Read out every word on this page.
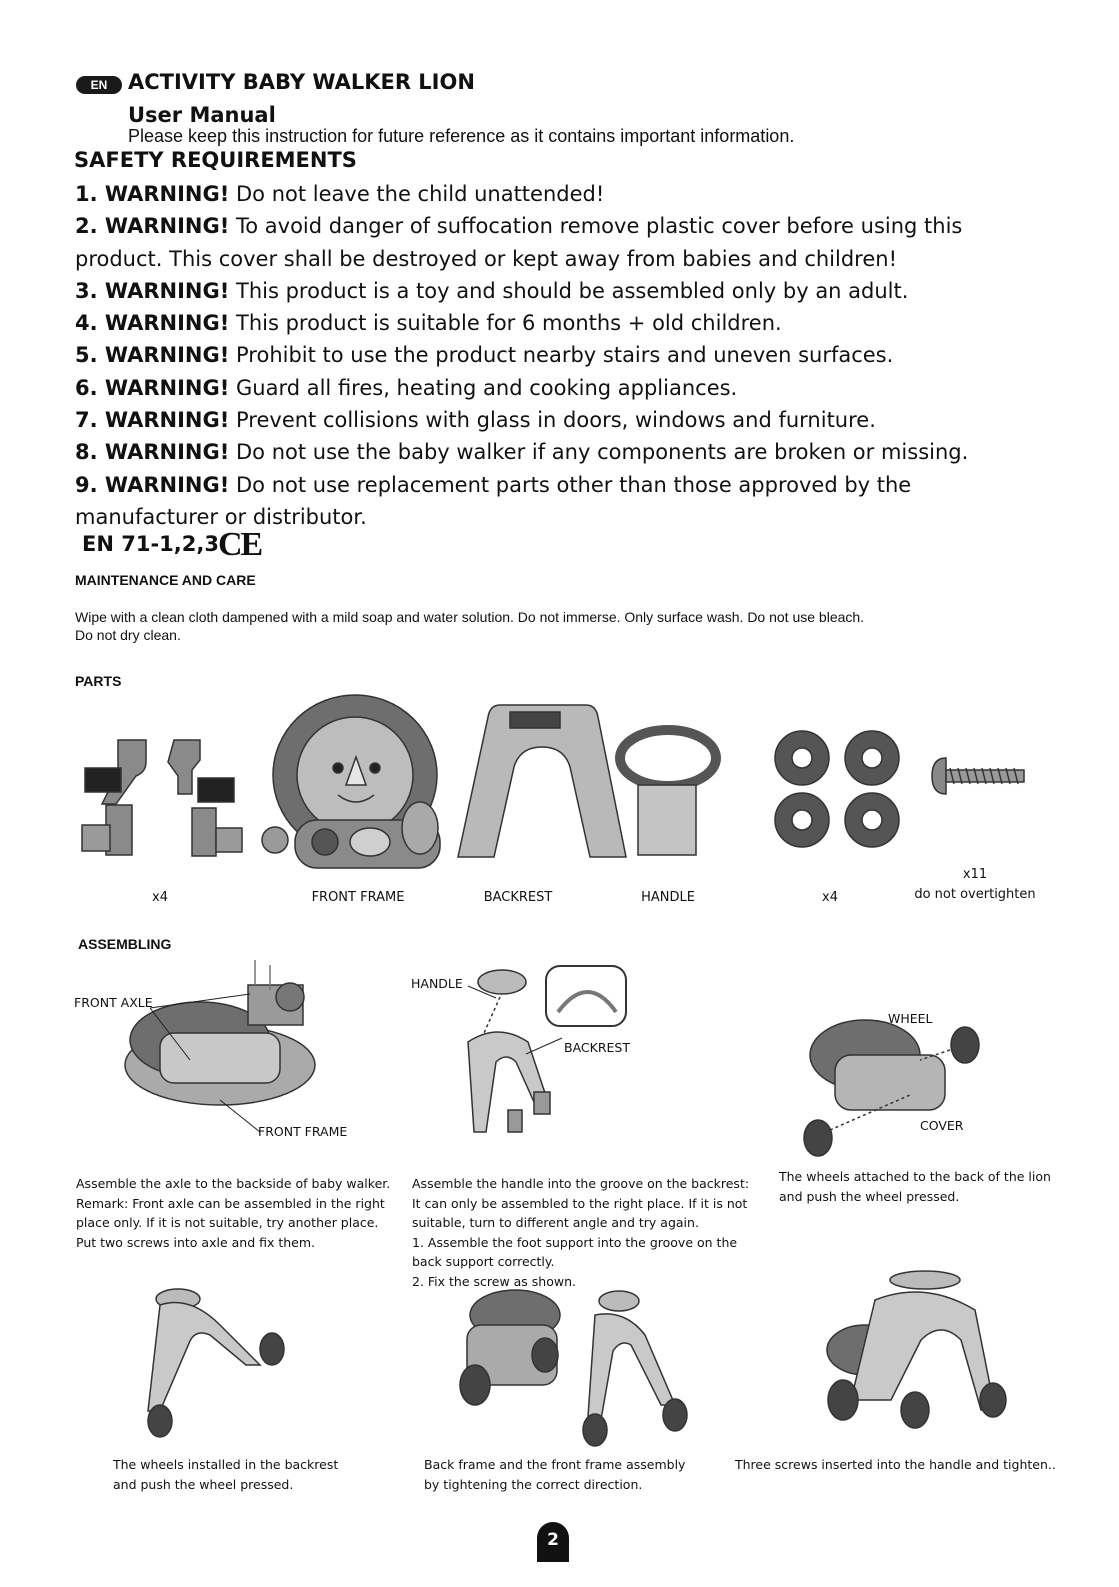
EN ACTIVITY BABY WALKER LION
User Manual
Please keep this instruction for future reference as it contains important information.
SAFETY REQUIREMENTS
1. WARNING! Do not leave the child unattended!
2. WARNING! To avoid danger of suffocation remove plastic cover before using this
product. This cover shall be destroyed or kept away from babies and children!
3. WARNING! This product is a toy and should be assembled only by an adult.
4. WARNING! This product is suitable for 6 months + old children.
5. WARNING! Prohibit to use the product nearby stairs and uneven surfaces.
6. WARNING! Guard all fires, heating and cooking appliances.
7. WARNING! Prevent collisions with glass in doors, windows and furniture.
8. WARNING! Do not use the baby walker if any components are broken or missing.
9. WARNING! Do not use replacement parts other than those approved by the
manufacturer or distributor.
EN 71-1,2,3 CE
MAINTENANCE AND CARE
Wipe with a clean cloth dampened with a mild soap and water solution. Do not immerse. Only surface wash. Do not use bleach.
Do not dry clean.
PARTS
x4	FRONT FRAME	BACKREST	HANDLE	x4
x11
do not overtighten
ASSEMBLING
FRONT AXLE
FRONT FRAME
HANDLE
BACKREST
WHEEL
COVER
Assemble the axle to the backside of baby walker.
Remark: Front axle can be assembled in the right
place only. If it is not suitable, try another place.
Put two screws into axle and fix them.
Assemble the handle into the groove on the backrest:
It can only be assembled to the right place. If it is not
suitable, turn to different angle and try again.
1. Assemble the foot support into the groove on the
back support correctly.
2. Fix the screw as shown.
The wheels attached to the back of the lion
and push the wheel pressed.
The wheels installed in the backrest
and push the wheel pressed.
Back frame and the front frame assembly
by tightening the correct direction.
Three screws inserted into the handle and tighten..
2
